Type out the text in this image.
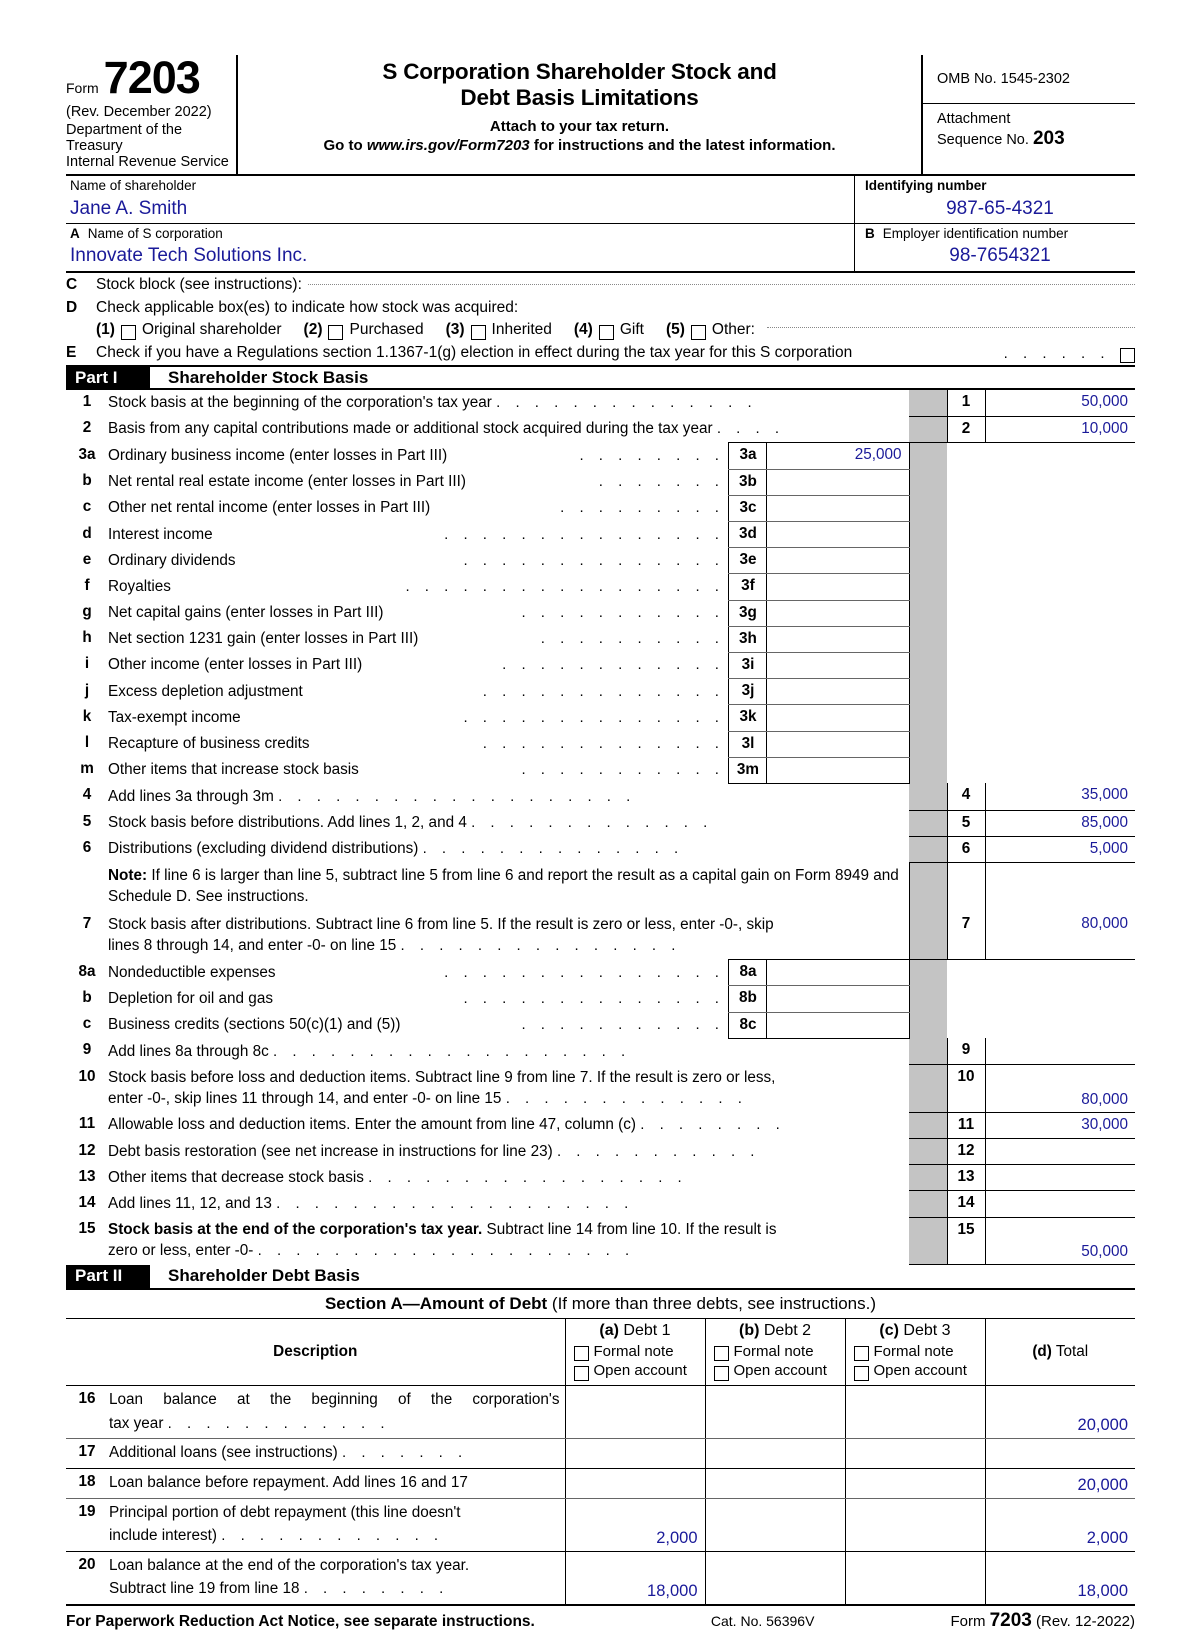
Form 7203
(Rev. December 2022)
Department of the Treasury
Internal Revenue Service
S Corporation Shareholder Stock and
Debt Basis Limitations
Attach to your tax return.
Go to www.irs.gov/Form7203 for instructions and the latest information.
OMB No. 1545-2302
Attachment
Sequence No. 203
Name of shareholder
Jane A. Smith
Identifying number
987-65-4321
A Name of S corporation
Innovate Tech Solutions Inc.
B Employer identification number
98-7654321
C	Stock block (see instructions):
D	Check applicable box(es) to indicate how stock was acquired:
(1) Original shareholder (2) Purchased (3) Inherited (4) Gift (5) Other:
E	Check if you have a Regulations section 1.1367-1(g) election in effect during the tax year for this S corporation	. . . . . .
Part I	Shareholder Stock Basis
1	Stock basis at the beginning of the corporation's tax year . . . . . . . . . . . . . .				1	50,000
2	Basis from any capital contributions made or additional stock acquired during the tax year . . . .				2	10,000
3a	Ordinary business income (enter losses in Part III) . . . . . . . .	3a	25,000			
b	Net rental real estate income (enter losses in Part III) . . . . . . .	3b				
c	Other net rental income (enter losses in Part III) . . . . . . . . .	3c				
d	Interest income . . . . . . . . . . . . . . .	3d				
e	Ordinary dividends . . . . . . . . . . . . . .	3e				
f	Royalties . . . . . . . . . . . . . . . . .	3f				
g	Net capital gains (enter losses in Part III) . . . . . . . . . . .	3g				
h	Net section 1231 gain (enter losses in Part III) . . . . . . . . . .	3h				
i	Other income (enter losses in Part III) . . . . . . . . . . . .	3i				
j	Excess depletion adjustment . . . . . . . . . . . . .	3j				
k	Tax-exempt income . . . . . . . . . . . . . .	3k				
l	Recapture of business credits . . . . . . . . . . . . .	3l				
m	Other items that increase stock basis . . . . . . . . . . .	3m				
4	Add lines 3a through 3m . . . . . . . . . . . . . . . . . . .				4	35,000
5	Stock basis before distributions. Add lines 1, 2, and 4 . . . . . . . . . . . . .				5	85,000
6	Distributions (excluding dividend distributions) . . . . . . . . . . . . . .				6	5,000

	Note: If line 6 is larger than line 5, subtract line 5 from line 6 and report the result as a capital gain on Form 8949 and Schedule D. See instructions.					

7	Stock basis after distributions. Subtract line 6 from line 5. If the result is zero or less, enter -0-, skip
lines 8 through 14, and enter -0- on line 15 . . . . . . . . . . . . . . .				7	80,000
8a	Nondeductible expenses . . . . . . . . . . . . . . .	8a				
b	Depletion for oil and gas . . . . . . . . . . . . . .	8b				
c	Business credits (sections 50(c)(1) and (5)) . . . . . . . . . . .	8c				
9	Add lines 8a through 8c . . . . . . . . . . . . . . . . . . .				9	
10	Stock basis before loss and deduction items. Subtract line 9 from line 7. If the result is zero or less,
enter -0-, skip lines 11 through 14, and enter -0- on line 15 . . . . . . . . . . . . .				10	80,000
11	Allowable loss and deduction items. Enter the amount from line 47, column (c) . . . . . . . .				11	30,000
12	Debt basis restoration (see net increase in instructions for line 23) . . . . . . . . . . .				12	
13	Other items that decrease stock basis . . . . . . . . . . . . . . . . .				13	
14	Add lines 11, 12, and 13 . . . . . . . . . . . . . . . . . . .				14	
15	Stock basis at the end of the corporation's tax year. Subtract line 14 from line 10. If the result is
zero or less, enter -0- . . . . . . . . . . . . . . . . . . . .				15	50,000
Part II	Shareholder Debt Basis
Section A—Amount of Debt (If more than three debts, see instructions.)
Description	
(a) Debt 1
Formal note
Open account

(b) Debt 2
Formal note
Open account

(c) Debt 3
Formal note
Open account
	(d) Total
16	Loan balance at the beginning of the corporation's
tax year . . . . . . . . . . . .				20,000
17	Additional loans (see instructions) . . . . . . .				

18	Loan balance before repayment. Add lines 16 and 17				20,000
19	Principal portion of debt repayment (this line doesn't
include interest) . . . . . . . . . . . .	2,000			2,000
20	Loan balance at the end of the corporation's tax year.
Subtract line 19 from line 18 . . . . . . . .	18,000			18,000
For Paperwork Reduction Act Notice, see separate instructions.	Cat. No. 56396V	Form 7203 (Rev. 12-2022)
